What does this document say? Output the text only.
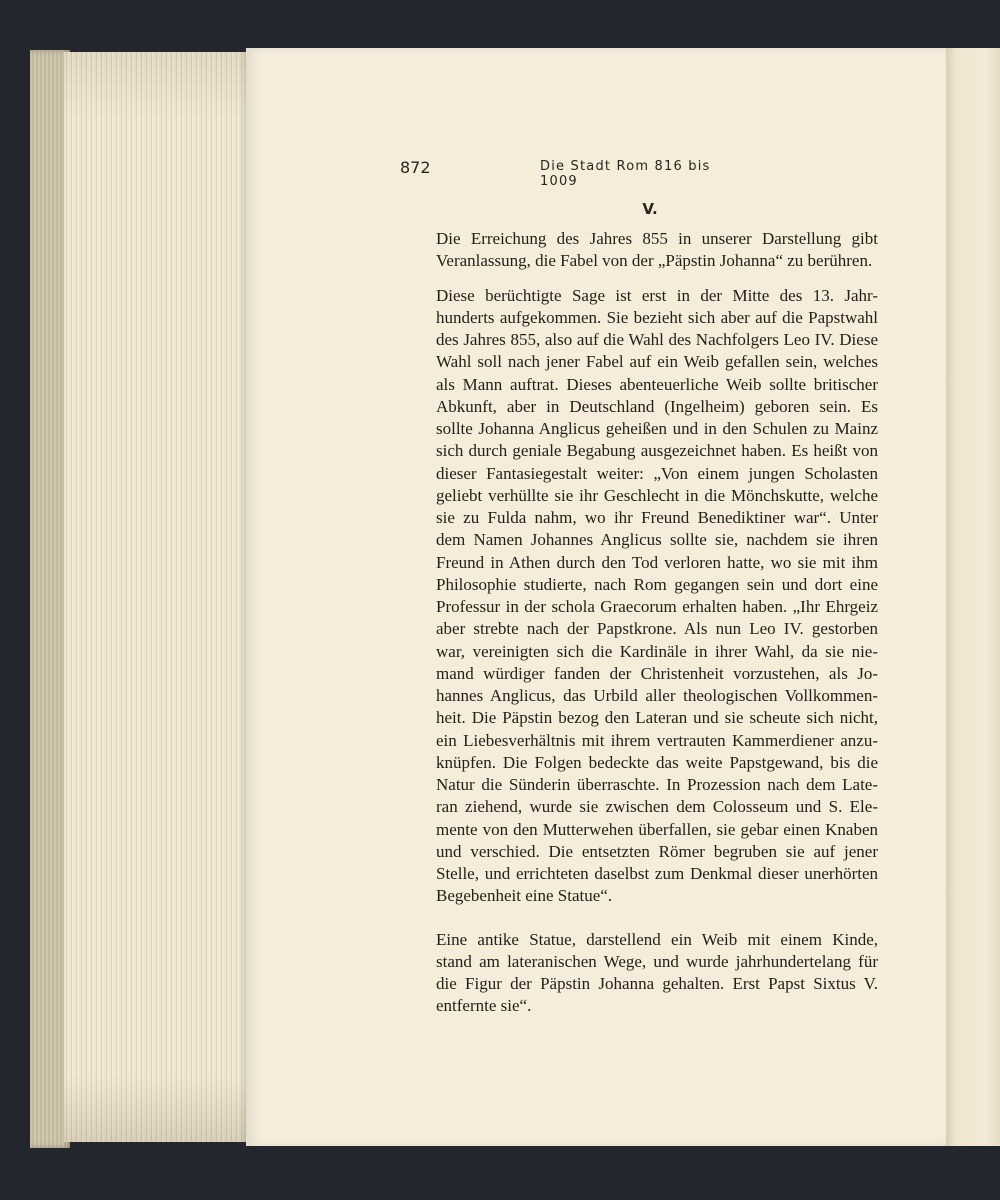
872	Die Stadt Rom 816 bis 1009
V.

Die Erreichung des Jahres 855 in unserer Darstellung gibt
Veranlassung, die Fabel von der „Päpstin Johanna“ zu berühren.

Diese berüchtigte Sage ist erst in der Mitte des 13. Jahr-
hunderts aufgekommen. Sie bezieht sich aber auf die Papstwahl
des Jahres 855, also auf die Wahl des Nachfolgers Leo IV. Diese
Wahl soll nach jener Fabel auf ein Weib gefallen sein, welches
als Mann auftrat. Dieses abenteuerliche Weib sollte britischer
Abkunft, aber in Deutschland (Ingelheim) geboren sein. Es
sollte Johanna Anglicus geheißen und in den Schulen zu Mainz
sich durch geniale Begabung ausgezeichnet haben. Es heißt von
dieser Fantasiegestalt weiter: „Von einem jungen Scholasten
geliebt verhüllte sie ihr Geschlecht in die Mönchskutte, welche
sie zu Fulda nahm, wo ihr Freund Benediktiner war“. Unter
dem Namen Johannes Anglicus sollte sie, nachdem sie ihren
Freund in Athen durch den Tod verloren hatte, wo sie mit ihm
Philosophie studierte, nach Rom gegangen sein und dort eine
Professur in der schola Graecorum erhalten haben. „Ihr Ehrgeiz
aber strebte nach der Papstkrone. Als nun Leo IV. gestorben
war, vereinigten sich die Kardinäle in ihrer Wahl, da sie nie-
mand würdiger fanden der Christenheit vorzustehen, als Jo-
hannes Anglicus, das Urbild aller theologischen Vollkommen-
heit. Die Päpstin bezog den Lateran und sie scheute sich nicht,
ein Liebesverhältnis mit ihrem vertrauten Kammerdiener anzu-
knüpfen. Die Folgen bedeckte das weite Papstgewand, bis die
Natur die Sünderin überraschte. In Prozession nach dem Late-
ran ziehend, wurde sie zwischen dem Colosseum und S. Ele-
mente von den Mutterwehen überfallen, sie gebar einen Knaben
und verschied. Die entsetzten Römer begruben sie auf jener
Stelle, und errichteten daselbst zum Denkmal dieser unerhörten
Begebenheit eine Statue“.

Eine antike Statue, darstellend ein Weib mit einem Kinde,
stand am lateranischen Wege, und wurde jahrhundertelang für
die Figur der Päpstin Johanna gehalten. Erst Papst Sixtus V.
entfernte sie“.
